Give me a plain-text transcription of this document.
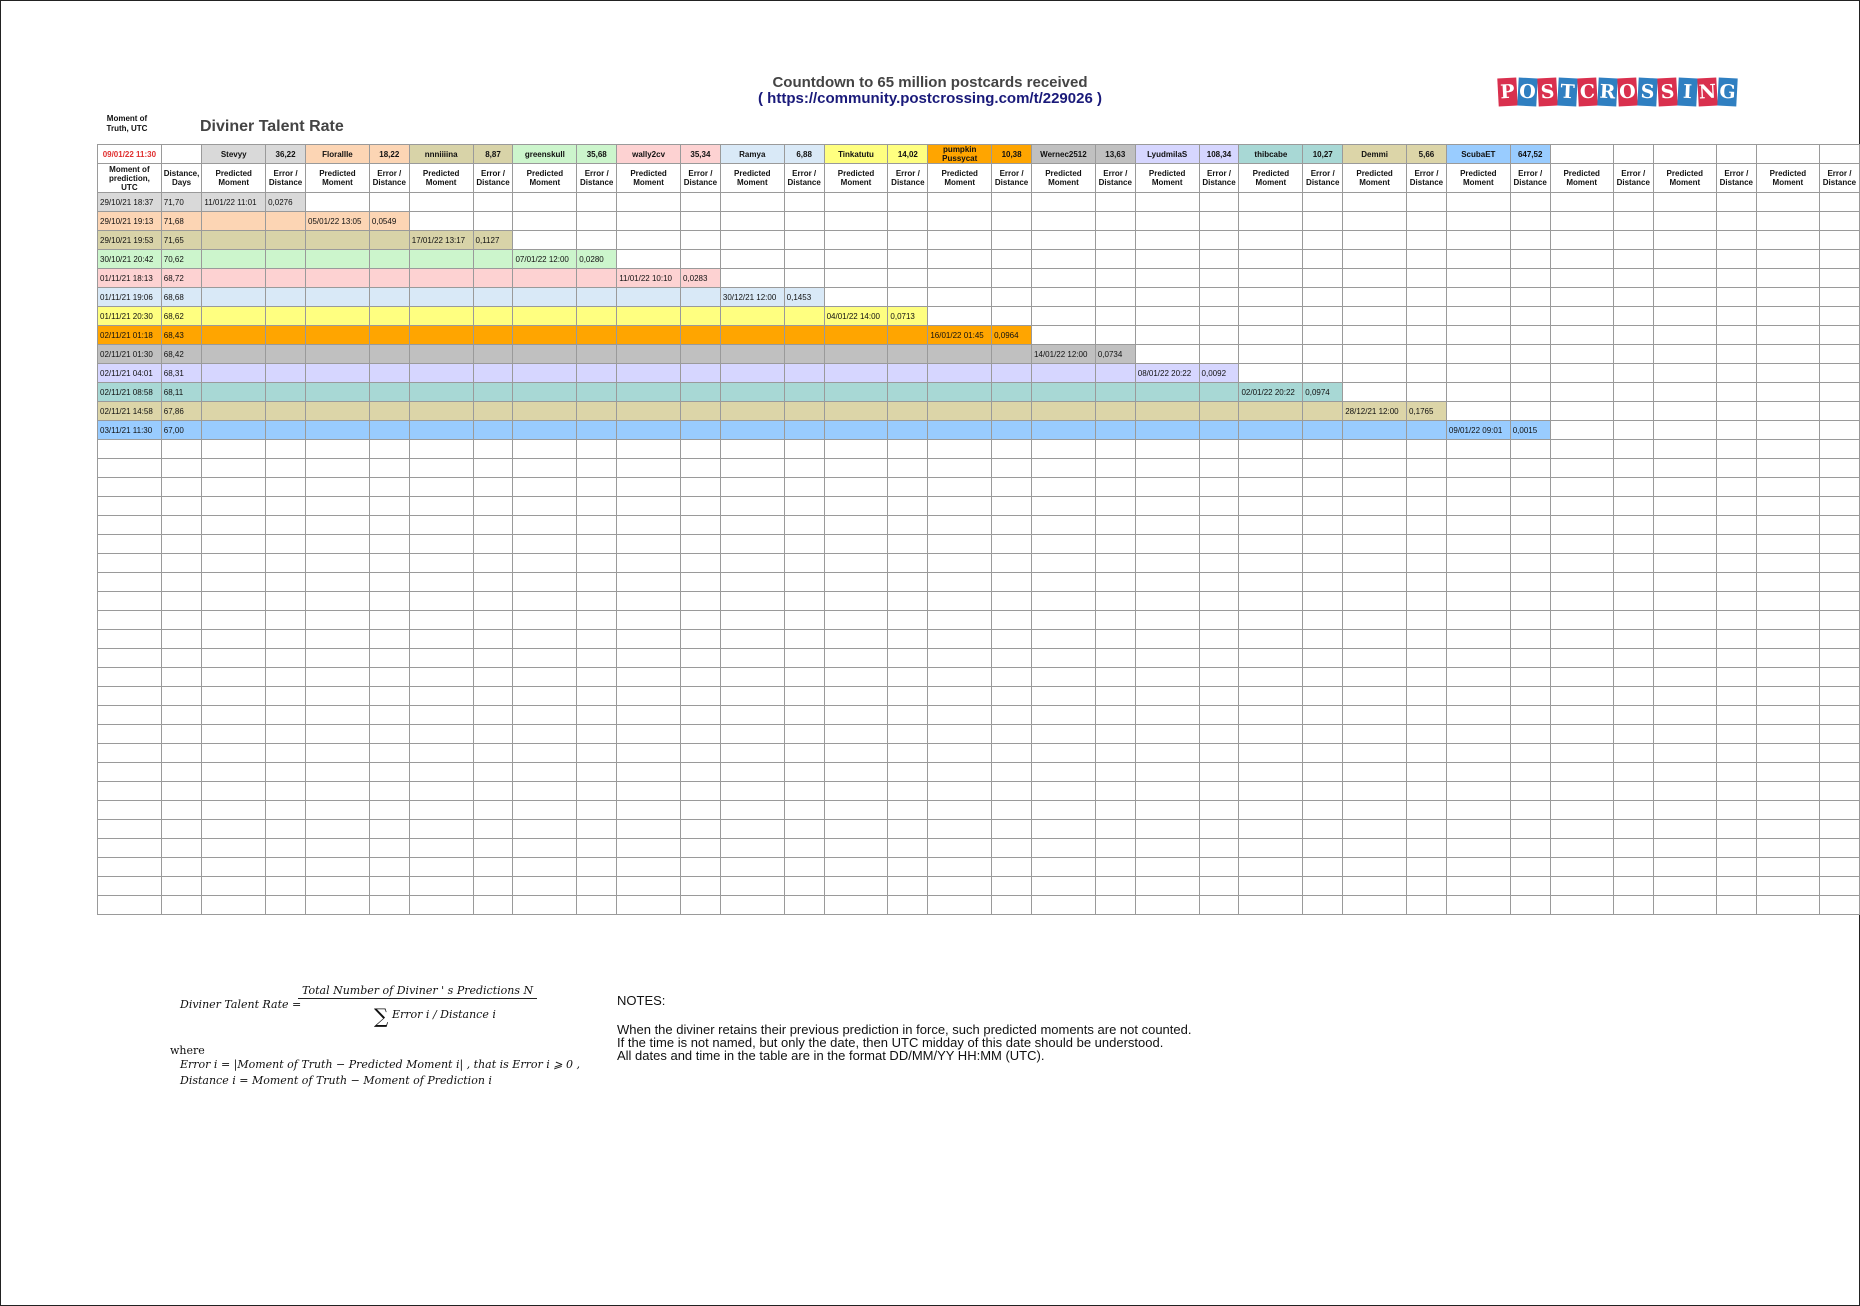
Countdown to 65 million postcards received
( https://community.postcrossing.com/t/229026 )	P O S T C R O S S I N G
Moment of Truth, UTC	Diviner Talent Rate
09/01/22 11:30		Stevyy	36,22	Florallle	18,22	nnniiiina	8,87	greenskull	35,68	wally2cv	35,34	Ramya	6,88	Tinkatutu	14,02	pumpkin Pussycat	10,38	Wernec2512	13,63	LyudmilaS	108,34	thibcabe	10,27	Demmi	5,66	ScubaET	647,52						
Moment of prediction, UTC	Distance, Days	Predicted Moment	Error / Distance	Predicted Moment	Error / Distance	Predicted Moment	Error / Distance	Predicted Moment	Error / Distance	Predicted Moment	Error / Distance	Predicted Moment	Error / Distance	Predicted Moment	Error / Distance	Predicted Moment	Error / Distance	Predicted Moment	Error / Distance	Predicted Moment	Error / Distance	Predicted Moment	Error / Distance	Predicted Moment	Error / Distance	Predicted Moment	Error / Distance	Predicted Moment	Error / Distance	Predicted Moment	Error / Distance	Predicted Moment	Error / Distance
29/10/21 18:37	71,70	11/01/22 11:01	0,0276																														
29/10/21 19:13	71,68			05/01/22 13:05	0,0549																												
29/10/21 19:53	71,65					17/01/22 13:17	0,1127																										
30/10/21 20:42	70,62							07/01/22 12:00	0,0280																								
01/11/21 18:13	68,72									11/01/22 10:10	0,0283																						
01/11/21 19:06	68,68											30/12/21 12:00	0,1453																				
01/11/21 20:30	68,62													04/01/22 14:00	0,0713																		
02/11/21 01:18	68,43															16/01/22 01:45	0,0964																
02/11/21 01:30	68,42																	14/01/22 12:00	0,0734														
02/11/21 04:01	68,31																			08/01/22 20:22	0,0092												
02/11/21 08:58	68,11																					02/01/22 20:22	0,0974										
02/11/21 14:58	67,86																							28/12/21 12:00	0,1765								
03/11/21 11:30	67,00																									09/01/22 09:01	0,0015						

Diviner Talent Rate =
Total Number of Diviner ' s Predictions N
∑ Error i / Distance i
where
Error i = |Moment of Truth − Predicted Moment i| , that is Error i ⩾ 0 ,
Distance i = Moment of Truth − Moment of Prediction i
NOTES:
When the diviner retains their previous prediction in force, such predicted moments are not counted.
If the time is not named, but only the date, then UTC midday of this date should be understood.
All dates and time in the table are in the format DD/MM/YY HH:MM (UTC).
